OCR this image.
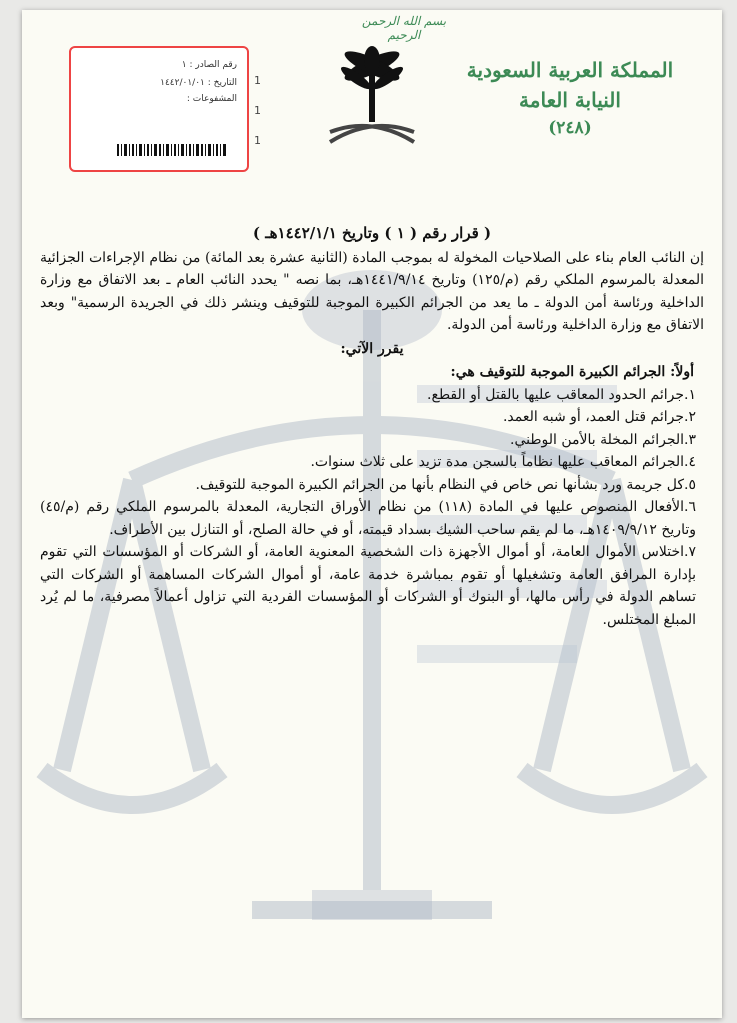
بسم الله الرحمن الرحيم
المملكة العربية السعودية
النيابة العامة
(٢٤٨)
رقم الصادر : ١
التاريخ : ١٤٤٢/٠١/٠١
المشفوعات :
1
1
1

( قرار رقم ( ١ ) وتاريخ ١٤٤٢/١/١هـ )

إن النائب العام بناء على الصلاحيات المخولة له بموجب المادة (الثانية عشرة بعد المائة) من نظام الإجراءات الجزائية المعدلة بالمرسوم الملكي رقم (م/١٢٥) وتاريخ ١٤٤١/٩/١٤هـ، بما نصه " يحدد النائب العام ـ بعد الاتفاق مع وزارة الداخلية ورئاسة أمن الدولة ـ ما يعد من الجرائم الكبيرة الموجبة للتوقيف وينشر ذلك في الجريدة الرسمية" وبعد الاتفاق مع وزارة الداخلية ورئاسة أمن الدولة.

يقرر الآتي:

أولاً: الجرائم الكبيرة الموجبة للتوقيف هي:

١.جرائم الحدود المعاقب عليها بالقتل أو القطع.

٢.جرائم قتل العمد، أو شبه العمد.

٣.الجرائم المخلة بالأمن الوطني.

٤.الجرائم المعاقب عليها نظاماً بالسجن مدة تزيد على ثلاث سنوات.

٥.كل جريمة ورد بشأنها نص خاص في النظام بأنها من الجرائم الكبيرة الموجبة للتوقيف.

٦.الأفعال المنصوص عليها في المادة (١١٨) من نظام الأوراق التجارية، المعدلة بالمرسوم الملكي رقم (م/٤٥) وتاريخ ١٤٠٩/٩/١٢هـ، ما لم يقم ساحب الشيك بسداد قيمته، أو في حالة الصلح، أو التنازل بين الأطراف.

٧.اختلاس الأموال العامة، أو أموال الأجهزة ذات الشخصية المعنوية العامة، أو الشركات أو المؤسسات التي تقوم بإدارة المرافق العامة وتشغيلها أو تقوم بمباشرة خدمة عامة، أو أموال الشركات المساهمة أو الشركات التي تساهم الدولة في رأس مالها، أو البنوك أو الشركات أو المؤسسات الفردية التي تزاول أعمالاً مصرفية، ما لم يُرد المبلغ المختلس.
